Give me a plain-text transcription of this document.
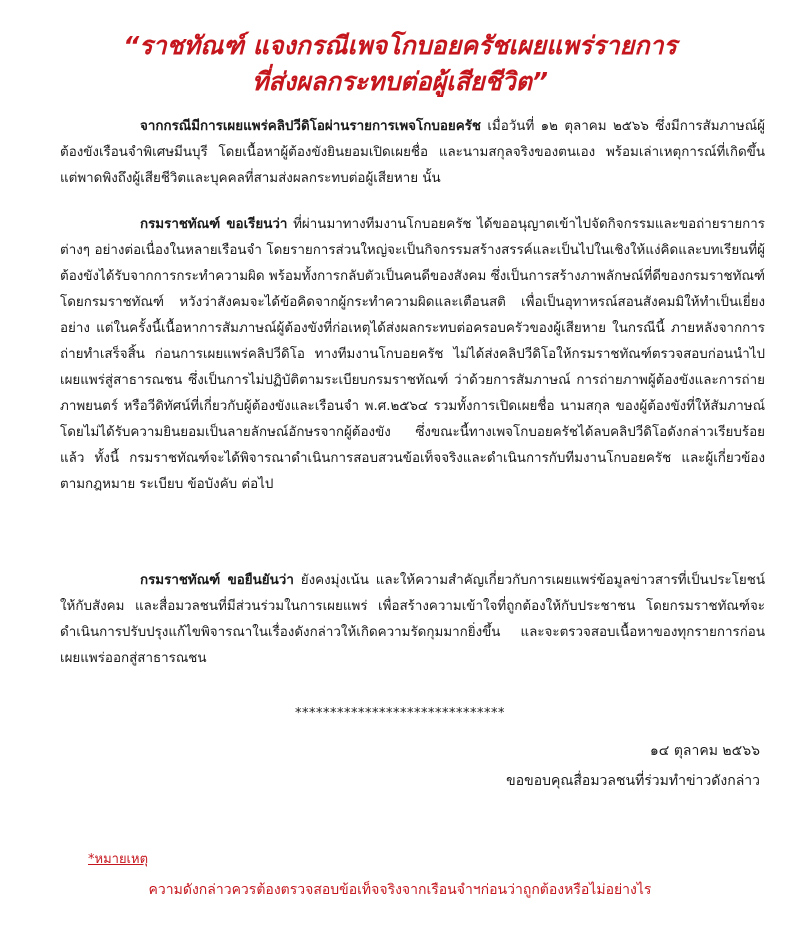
“ราชทัณฑ์ แจงกรณีเพจโกบอยครัชเผยแพร่รายการ
ที่ส่งผลกระทบต่อผู้เสียชีวิต”
จากกรณีมีการเผยแพร่คลิปวีดิโอผ่านรายการเพจโกบอยครัช เมื่อวันที่ ๑๒ ตุลาคม ๒๕๖๖ ซึ่งมีการสัมภาษณ์ผู้ต้องขังเรือนจำพิเศษมีนบุรี โดยเนื้อหาผู้ต้องขังยินยอมเปิดเผยชื่อ และนามสกุลจริงของตนเอง พร้อมเล่าเหตุการณ์ที่เกิดขึ้น แต่พาดพิงถึงผู้เสียชีวิตและบุคคลที่สามส่งผลกระทบต่อผู้เสียหาย นั้น
กรมราชทัณฑ์ ขอเรียนว่า ที่ผ่านมาทางทีมงานโกบอยครัช ได้ขออนุญาตเข้าไปจัดกิจกรรมและขอถ่ายรายการต่างๆ อย่างต่อเนื่องในหลายเรือนจำ โดยรายการส่วนใหญ่จะเป็นกิจกรรมสร้างสรรค์และเป็นไปในเชิงให้แง่คิดและบทเรียนที่ผู้ต้องขังได้รับจากการกระทำความผิด พร้อมทั้งการกลับตัวเป็นคนดีของสังคม ซึ่งเป็นการสร้างภาพลักษณ์ที่ดีของกรมราชทัณฑ์ โดยกรมราชทัณฑ์ หวังว่าสังคมจะได้ข้อคิดจากผู้กระทำความผิดและเตือนสติ เพื่อเป็นอุทาหรณ์สอนสังคมมิให้ทำเป็นเยี่ยงอย่าง แต่ในครั้งนี้เนื้อหาการสัมภาษณ์ผู้ต้องขังที่ก่อเหตุได้ส่งผลกระทบต่อครอบครัวของผู้เสียหาย ในกรณีนี้ ภายหลังจากการถ่ายทำเสร็จสิ้น ก่อนการเผยแพร่คลิปวีดิโอ ทางทีมงานโกบอยครัช ไม่ได้ส่งคลิปวีดิโอให้กรมราชทัณฑ์ตรวจสอบก่อนนำไปเผยแพร่สู่สาธารณชน ซึ่งเป็นการไม่ปฏิบัติตามระเบียบกรมราชทัณฑ์ ว่าด้วยการสัมภาษณ์ การถ่ายภาพผู้ต้องขังและการถ่ายภาพยนตร์ หรือวีดิทัศน์ที่เกี่ยวกับผู้ต้องขังและเรือนจำ พ.ศ.๒๕๖๔ รวมทั้งการเปิดเผยชื่อ นามสกุล ของผู้ต้องขังที่ให้สัมภาษณ์ โดยไม่ได้รับความยินยอมเป็นลายลักษณ์อักษรจากผู้ต้องขัง ซึ่งขณะนี้ทางเพจโกบอยครัชได้ลบคลิปวีดิโอดังกล่าวเรียบร้อยแล้ว ทั้งนี้ กรมราชทัณฑ์จะได้พิจารณาดำเนินการสอบสวนข้อเท็จจริงและดำเนินการกับทีมงานโกบอยครัช และผู้เกี่ยวข้องตามกฎหมาย ระเบียบ ข้อบังคับ ต่อไป
กรมราชทัณฑ์ ขอยืนยันว่า ยังคงมุ่งเน้น และให้ความสำคัญเกี่ยวกับการเผยแพร่ข้อมูลข่าวสารที่เป็นประโยชน์ให้กับสังคม และสื่อมวลชนที่มีส่วนร่วมในการเผยแพร่ เพื่อสร้างความเข้าใจที่ถูกต้องให้กับประชาชน โดยกรมราชทัณฑ์จะดำเนินการปรับปรุงแก้ไขพิจารณาในเรื่องดังกล่าวให้เกิดความรัดกุมมากยิ่งขึ้น และจะตรวจสอบเนื้อหาของทุกรายการก่อนเผยแพร่ออกสู่สาธารณชน
******************************
๑๔ ตุลาคม ๒๕๖๖
ขอขอบคุณสื่อมวลชนที่ร่วมทำข่าวดังกล่าว
*หมายเหตุ
ความดังกล่าวควรต้องตรวจสอบข้อเท็จจริงจากเรือนจำฯก่อนว่าถูกต้องหรือไม่อย่างไร
